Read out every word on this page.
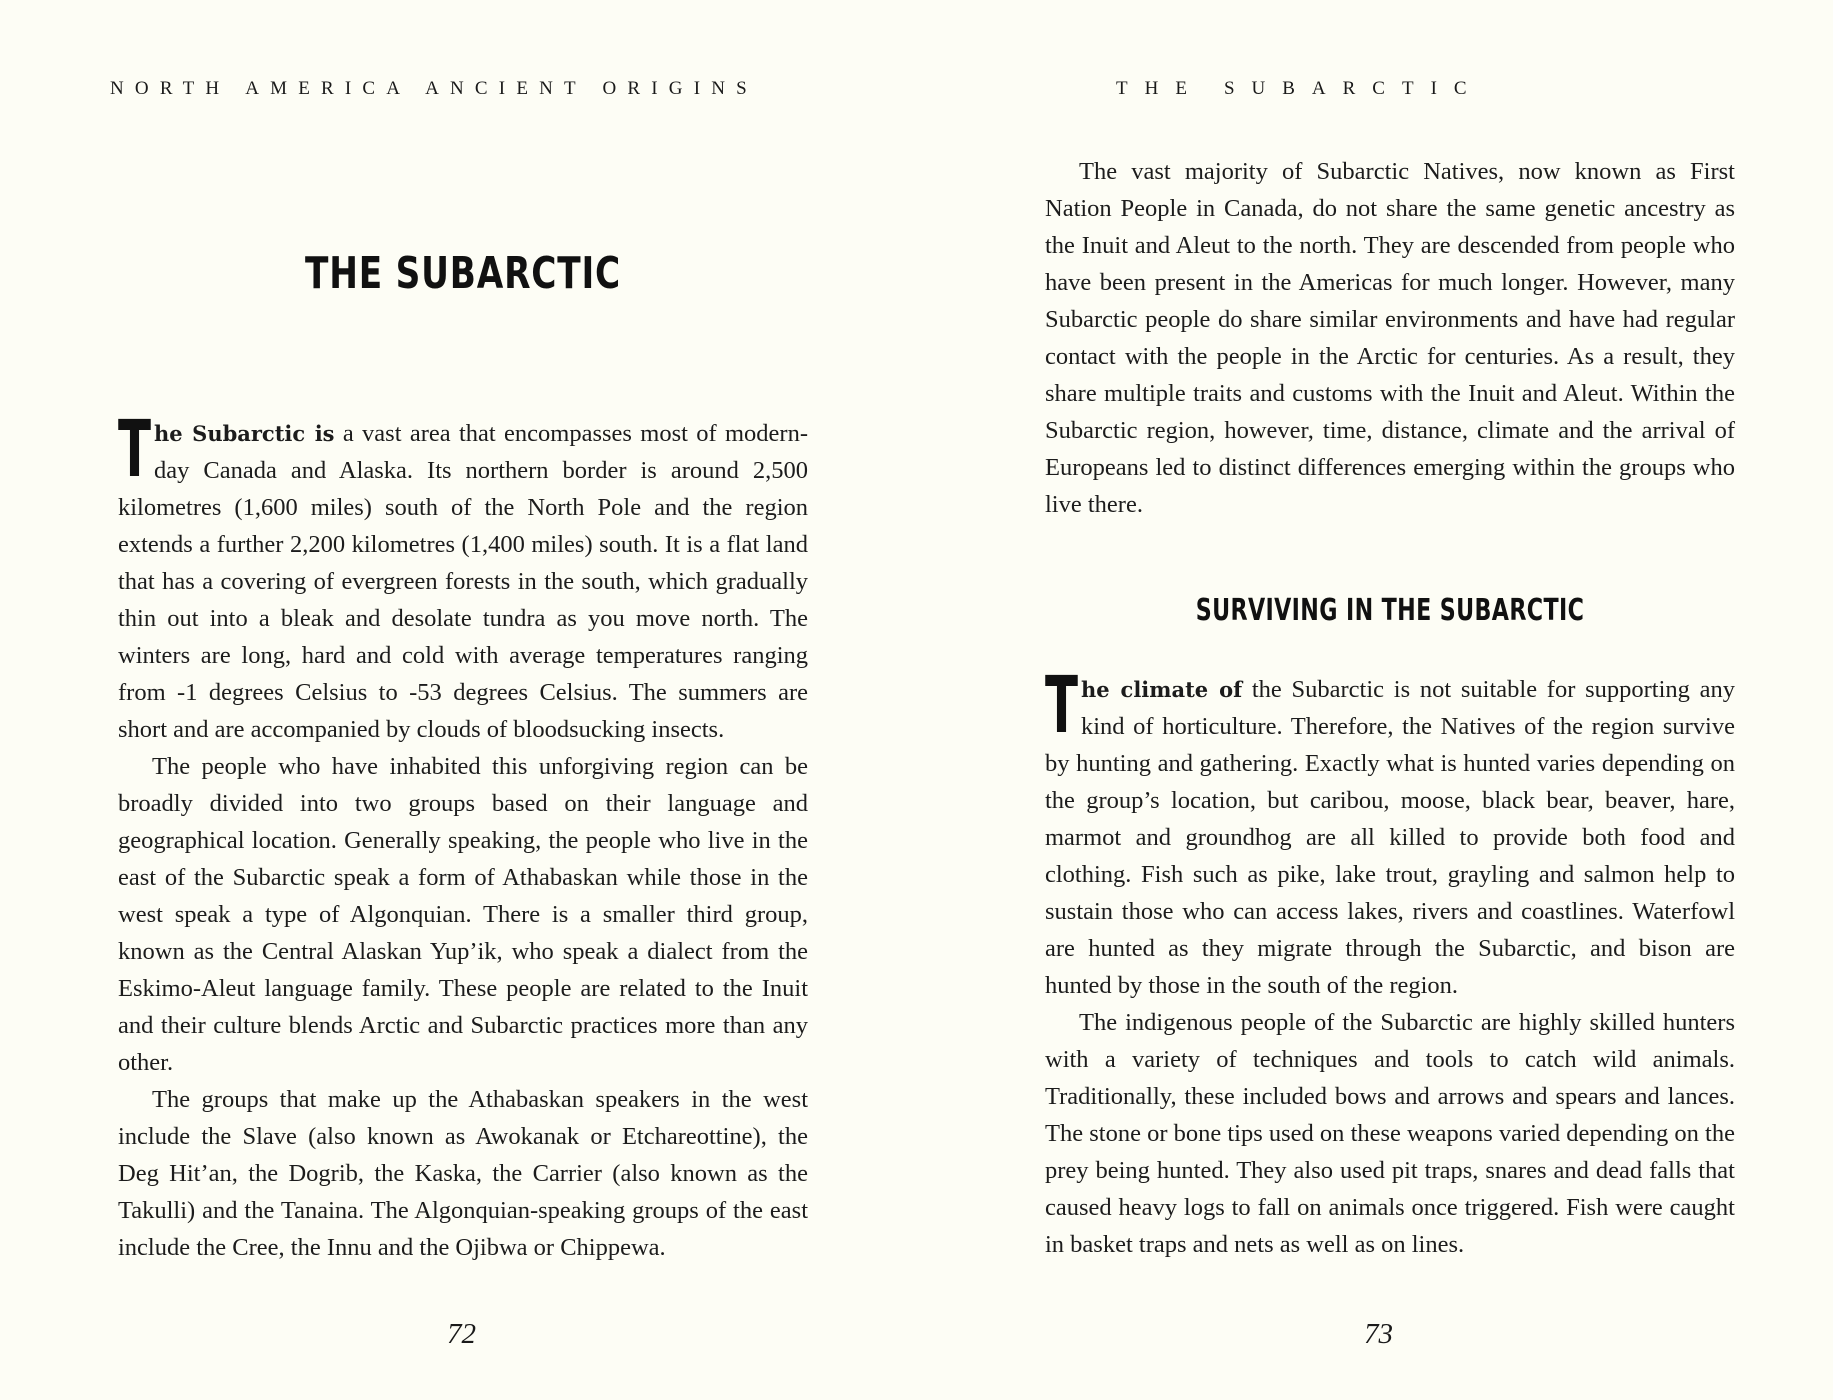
NORTH AMERICA ANCIENT ORIGINS
THE SUBARCTIC

The Subarctic is a vast area that encompasses most of modern-day Canada and Alaska. Its northern border is around 2,500 kilometres (1,600 miles) south of the North Pole and the region extends a further 2,200 kilometres (1,400 miles) south. It is a flat land that has a covering of evergreen forests in the south, which gradually thin out into a bleak and desolate tundra as you move north. The winters are long, hard and cold with average temperatures ranging from -1 degrees Celsius to -53 degrees Celsius. The summers are short and are accompanied by clouds of bloodsucking insects.

The people who have inhabited this unforgiving region can be broadly divided into two groups based on their language and geographical location. Generally speaking, the people who live in the east of the Subarctic speak a form of Athabaskan while those in the west speak a type of Algonquian. There is a smaller third group, known as the Central Alaskan Yup’ik, who speak a dialect from the Eskimo-Aleut language family. These people are related to the Inuit and their culture blends Arctic and Subarctic practices more than any other.

The groups that make up the Athabaskan speakers in the west include the Slave (also known as Awokanak or Etchareottine), the Deg Hit’an, the Dogrib, the Kaska, the Carrier (also known as the Takulli) and the Tanaina. The Algonquian-speaking groups of the east include the Cree, the Innu and the Ojibwa or Chippewa.

72
THE SUBARCTIC

The vast majority of Subarctic Natives, now known as First Nation People in Canada, do not share the same genetic ancestry as the Inuit and Aleut to the north. They are descended from people who have been present in the Americas for much longer. However, many Subarctic people do share similar environments and have had regular contact with the people in the Arctic for centuries. As a result, they share multiple traits and customs with the Inuit and Aleut. Within the Subarctic region, however, time, distance, climate and the arrival of Europeans led to distinct differences emerging within the groups who live there.

SURVIVING IN THE SUBARCTIC

The climate of the Subarctic is not suitable for supporting any kind of horticulture. Therefore, the Natives of the region survive by hunting and gathering. Exactly what is hunted varies depending on the group’s location, but caribou, moose, black bear, beaver, hare, marmot and groundhog are all killed to provide both food and clothing. Fish such as pike, lake trout, grayling and salmon help to sustain those who can access lakes, rivers and coastlines. Waterfowl are hunted as they migrate through the Subarctic, and bison are hunted by those in the south of the region.

The indigenous people of the Subarctic are highly skilled hunters with a variety of techniques and tools to catch wild animals. Traditionally, these included bows and arrows and spears and lances. The stone or bone tips used on these weapons varied depending on the prey being hunted. They also used pit traps, snares and dead falls that caused heavy logs to fall on animals once triggered. Fish were caught in basket traps and nets as well as on lines.

73
